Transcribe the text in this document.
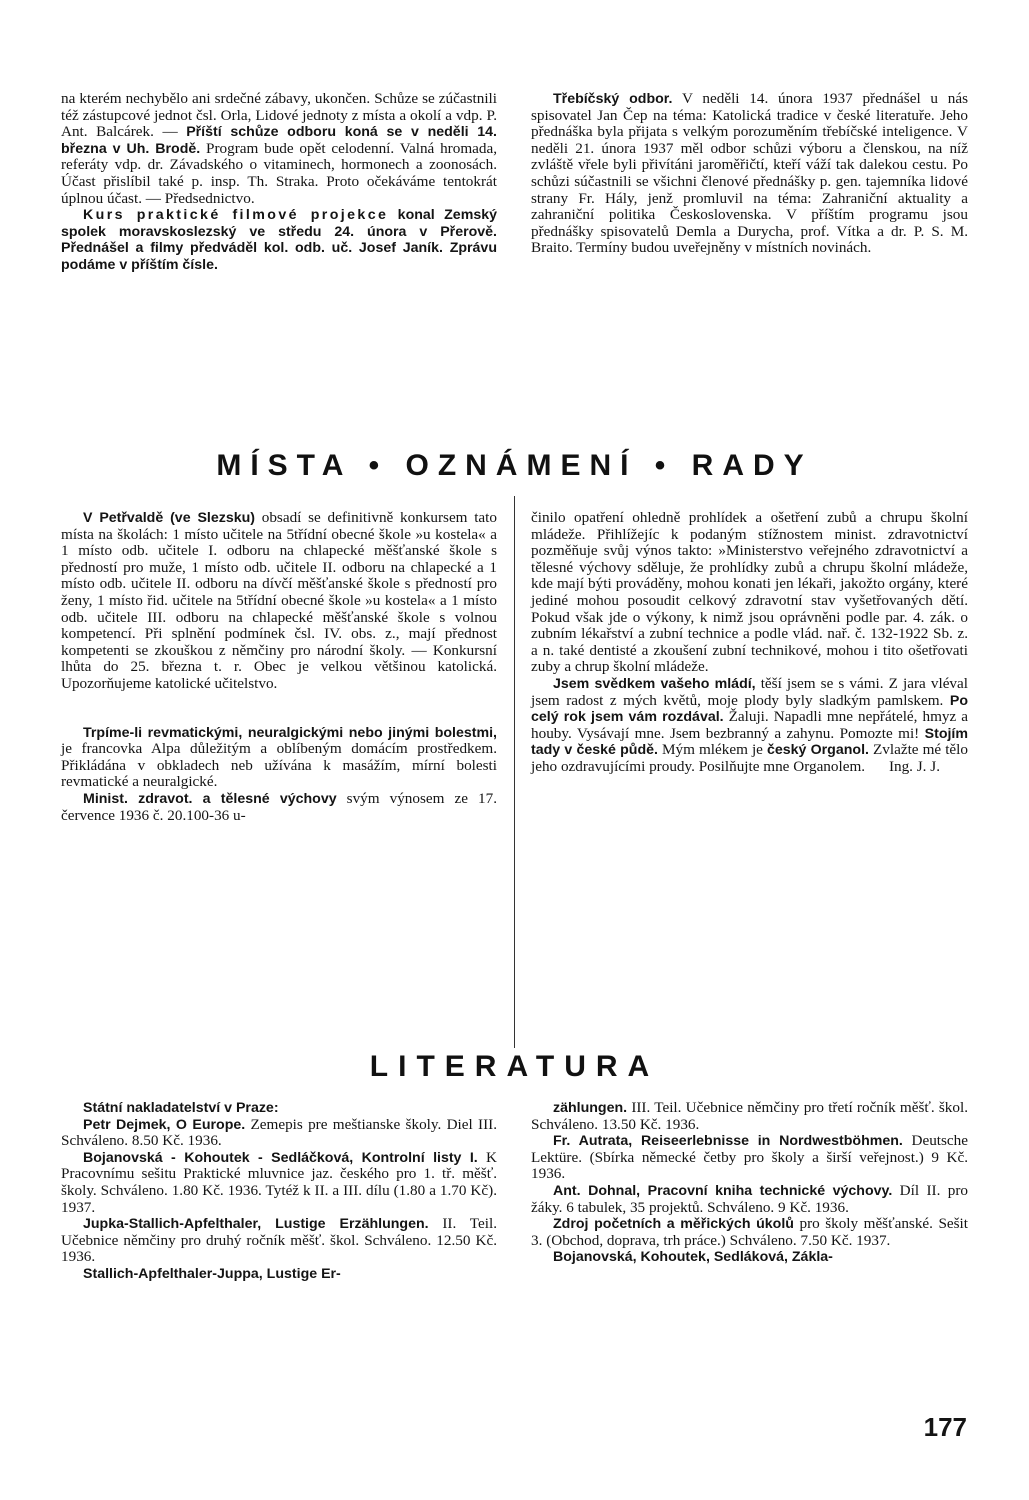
na kterém nechybělo ani srdečné zábavy, ukončen. Schůze se zúčastnili též zástupcové jednot čsl. Orla, Lidové jednoty z místa a okolí a vdp. P. Ant. Balcárek. — Příští schůze odboru koná se v neděli 14. března v Uh. Brodě. Program bude opět celodenní. Valná hromada, referáty vdp. dr. Závadského o vitaminech, hormonech a zoonosách. Účast přislíbil také p. insp. Th. Straka. Proto očekáváme tentokrát úplnou účast. — Předsednictvo.

Kurs praktické filmové projekce konal Zemský spolek moravskoslezský ve středu 24. února v Přerově. Přednášel a filmy předváděl kol. odb. uč. Josef Janík. Zprávu podáme v příštím čísle.

Třebíčský odbor. V neděli 14. února 1937 přednášel u nás spisovatel Jan Čep na téma: Katolická tradice v české literatuře. Jeho přednáška byla přijata s velkým porozuměním třebíčské inteligence. V neděli 21. února 1937 měl odbor schůzi výboru a členskou, na níž zvláště vřele byli přivítáni jaroměřičtí, kteří váží tak dalekou cestu. Po schůzi súčastnili se všichni členové přednášky p. gen. tajemníka lidové strany Fr. Hály, jenž promluvil na téma: Zahraniční aktuality a zahraniční politika Československa. V příštím programu jsou přednášky spisovatelů Demla a Durycha, prof. Vítka a dr. P. S. M. Braito. Termíny budou uveřejněny v místních novinách.

MÍSTA • OZNÁMENÍ • RADY

V Petřvaldě (ve Slezsku) obsadí se definitivně konkursem tato místa na školách: 1 místo učitele na 5třídní obecné škole »u kostela« a 1 místo odb. učitele I. odboru na chlapecké měšťanské škole s předností pro muže, 1 místo odb. učitele II. odboru na chlapecké a 1 místo odb. učitele II. odboru na dívčí měšťanské škole s předností pro ženy, 1 místo řid. učitele na 5třídní obecné škole »u kostela« a 1 místo odb. učitele III. odboru na chlapecké měšťanské škole s volnou kompetencí. Při splnění podmínek čsl. IV. obs. z., mají přednost kompetenti se zkouškou z němčiny pro národní školy. — Konkursní lhůta do 25. března t. r. Obec je velkou většinou katolická. Upozorňujeme katolické učitelstvo.

Trpíme-li revmatickými, neuralgickými nebo jinými bolestmi, je francovka Alpa důležitým a oblíbeným domácím prostředkem. Přikládána v obkladech neb užívána k masážím, mírní bolesti revmatické a neuralgické.

Minist. zdravot. a tělesné výchovy svým výnosem ze 17. července 1936 č. 20.100-36 u-

činilo opatření ohledně prohlídek a ošetření zubů a chrupu školní mládeže. Přihlížejíc k podaným stížnostem minist. zdravotnictví pozměňuje svůj výnos takto: »Ministerstvo veřejného zdravotnictví a tělesné výchovy sděluje, že prohlídky zubů a chrupu školní mládeže, kde mají býti prováděny, mohou konati jen lékaři, jakožto orgány, které jediné mohou posoudit celkový zdravotní stav vyšetřovaných dětí. Pokud však jde o výkony, k nimž jsou oprávněni podle par. 4. zák. o zubním lékařství a zubní technice a podle vlád. nař. č. 132-1922 Sb. z. a n. také dentisté a zkoušení zubní technikové, mohou i tito ošetřovati zuby a chrup školní mládeže.

Jsem svědkem vašeho mládí, těší jsem se s vámi. Z jara vléval jsem radost z mých květů, moje plody byly sladkým pamlskem. Po celý rok jsem vám rozdával. Žaluji. Napadli mne nepřátelé, hmyz a houby. Vysávají mne. Jsem bezbranný a zahynu. Pomozte mi! Stojím tady v české půdě. Mým mlékem je český Organol. Zvlažte mé tělo jeho ozdravujícími proudy. Posilňujte mne Organolem.	Ing. J. J.

LITERATURA

Státní nakladatelství v Praze:

Petr Dejmek, O Europe. Zemepis pre meštianske školy. Diel III. Schváleno. 8.50 Kč. 1936.

Bojanovská - Kohoutek - Sedláčková, Kontrolní listy I. K Pracovnímu sešitu Praktické mluvnice jaz. českého pro 1. tř. měšť. školy. Schváleno. 1.80 Kč. 1936. Tytéž k II. a III. dílu (1.80 a 1.70 Kč). 1937.

Jupka-Stallich-Apfelthaler, Lustige Erzählungen. II. Teil. Učebnice němčiny pro druhý ročník měšť. škol. Schváleno. 12.50 Kč. 1936.

Stallich-Apfelthaler-Juppa, Lustige Er-

zählungen. III. Teil. Učebnice němčiny pro třetí ročník měšť. škol. Schváleno. 13.50 Kč. 1936.

Fr. Autrata, Reiseerlebnisse in Nordwestböhmen. Deutsche Lektüre. (Sbírka německé četby pro školy a širší veřejnost.) 9 Kč. 1936.

Ant. Dohnal, Pracovní kniha technické výchovy. Díl II. pro žáky. 6 tabulek, 35 projektů. Schváleno. 9 Kč. 1936.

Zdroj početních a měřických úkolů pro školy měšťanské. Sešit 3. (Obchod, doprava, trh práce.) Schváleno. 7.50 Kč. 1937.

Bojanovská, Kohoutek, Sedláková, Zákla-

177
